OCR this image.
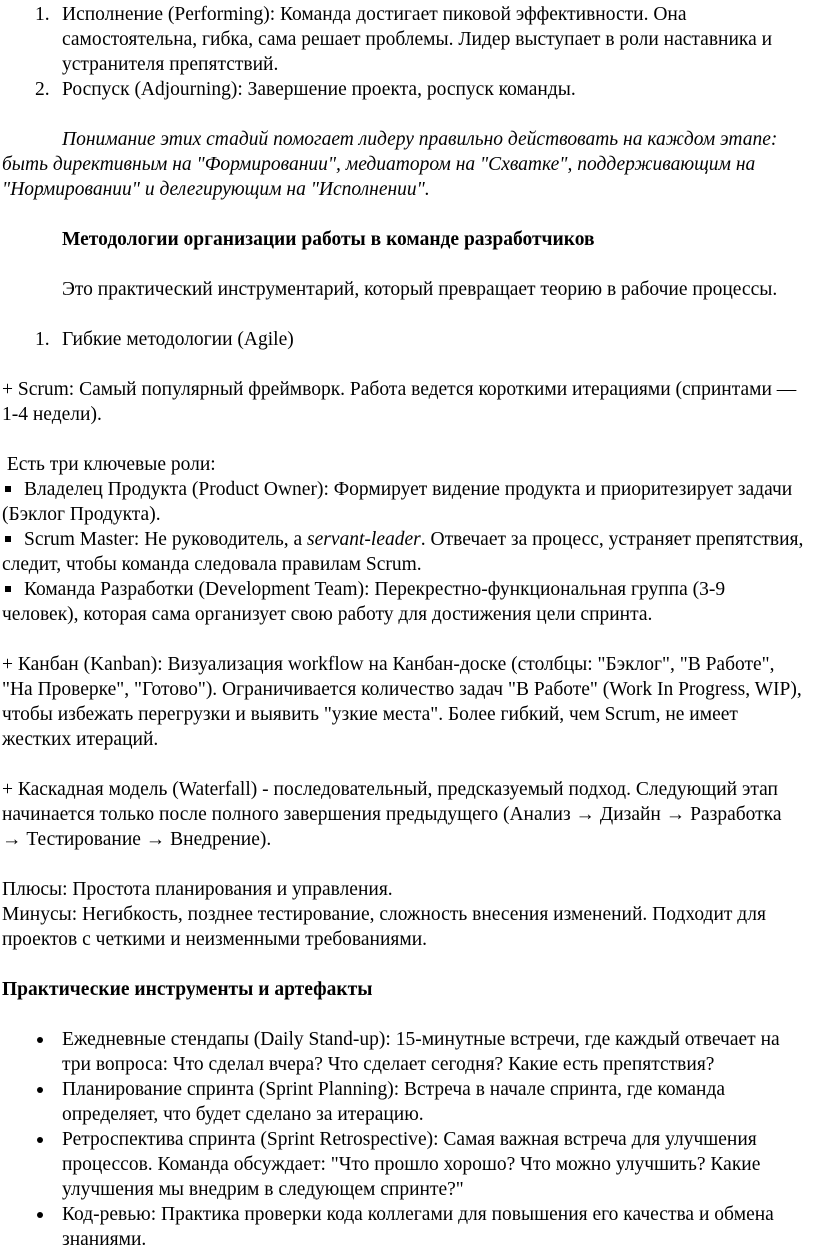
1. Исполнение (Performing): Команда достигает пиковой эффективности. Она самостоятельна, гибка, сама решает проблемы. Лидер выступает в роли наставника и устранителя препятствий.

2. Роспуск (Adjourning): Завершение проекта, роспуск команды.

Понимание этих стадий помогает лидеру правильно действовать на каждом этапе: быть директивным на "Формировании", медиатором на "Схватке", поддерживающим на "Нормировании" и делегирующим на "Исполнении".

Методологии организации работы в команде разработчиков

Это практический инструментарий, который превращает теорию в рабочие процессы.

1. Гибкие методологии (Agile)

+ Scrum: Самый популярный фреймворк. Работа ведется короткими итерациями (спринтами — 1-4 недели).

Есть три ключевые роли:

Владелец Продукта (Product Owner): Формирует видение продукта и приоритезирует задачи (Бэклог Продукта).

Scrum Master: Не руководитель, а servant-leader. Отвечает за процесс, устраняет препятствия, следит, чтобы команда следовала правилам Scrum.

Команда Разработки (Development Team): Перекрестно-функциональная группа (3-9 человек), которая сама организует свою работу для достижения цели спринта.

+ Канбан (Kanban): Визуализация workflow на Канбан-доске (столбцы: "Бэклог", "В Работе", "На Проверке", "Готово"). Ограничивается количество задач "В Работе" (Work In Progress, WIP), чтобы избежать перегрузки и выявить "узкие места". Более гибкий, чем Scrum, не имеет жестких итераций.

+ Каскадная модель (Waterfall) - последовательный, предсказуемый подход. Следующий этап начинается только после полного завершения предыдущего (Анализ → Дизайн → Разработка → Тестирование → Внедрение).

Плюсы: Простота планирования и управления.

Минусы: Негибкость, позднее тестирование, сложность внесения изменений. Подходит для проектов с четкими и неизменными требованиями.

Практические инструменты и артефакты

Ежедневные стендапы (Daily Stand-up): 15-минутные встречи, где каждый отвечает на три вопроса: Что сделал вчера? Что сделает сегодня? Какие есть препятствия?

Планирование спринта (Sprint Planning): Встреча в начале спринта, где команда определяет, что будет сделано за итерацию.

Ретроспектива спринта (Sprint Retrospective): Самая важная встреча для улучшения процессов. Команда обсуждает: "Что прошло хорошо? Что можно улучшить? Какие улучшения мы внедрим в следующем спринте?"

Код-ревью: Практика проверки кода коллегами для повышения его качества и обмена знаниями.
